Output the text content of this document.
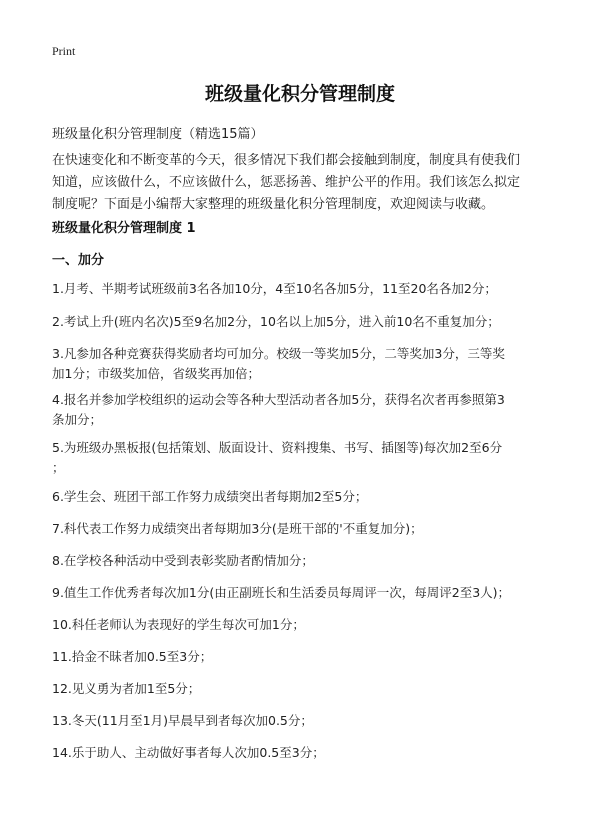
Print
班级量化积分管理制度
班级量化积分管理制度（精选15篇）
在快速变化和不断变革的今天，很多情况下我们都会接触到制度，制度具有使我们
知道，应该做什么，不应该做什么，惩恶扬善、维护公平的作用。我们该怎么拟定
制度呢？下面是小编帮大家整理的班级量化积分管理制度，欢迎阅读与收藏。
班级量化积分管理制度 1
一、加分
1.月考、半期考试班级前3名各加10分，4至10名各加5分，11至20名各加2分；
2.考试上升(班内名次)5至9名加2分，10名以上加5分，进入前10名不重复加分；
3.凡参加各种竞赛获得奖励者均可加分。校级一等奖加5分，二等奖加3分，三等奖
加1分；市级奖加倍，省级奖再加倍；
4.报名并参加学校组织的运动会等各种大型活动者各加5分，获得名次者再参照第3
条加分；
5.为班级办黑板报(包括策划、版面设计、资料搜集、书写、插图等)每次加2至6分
；
6.学生会、班团干部工作努力成绩突出者每期加2至5分；
7.科代表工作努力成绩突出者每期加3分(是班干部的'不重复加分)；
8.在学校各种活动中受到表彰奖励者酌情加分；
9.值生工作优秀者每次加1分(由正副班长和生活委员每周评一次，每周评2至3人)；
10.科任老师认为表现好的学生每次可加1分；
11.拾金不昧者加0.5至3分；
12.见义勇为者加1至5分；
13.冬天(11月至1月)早晨早到者每次加0.5分；
14.乐于助人、主动做好事者每人次加0.5至3分；
